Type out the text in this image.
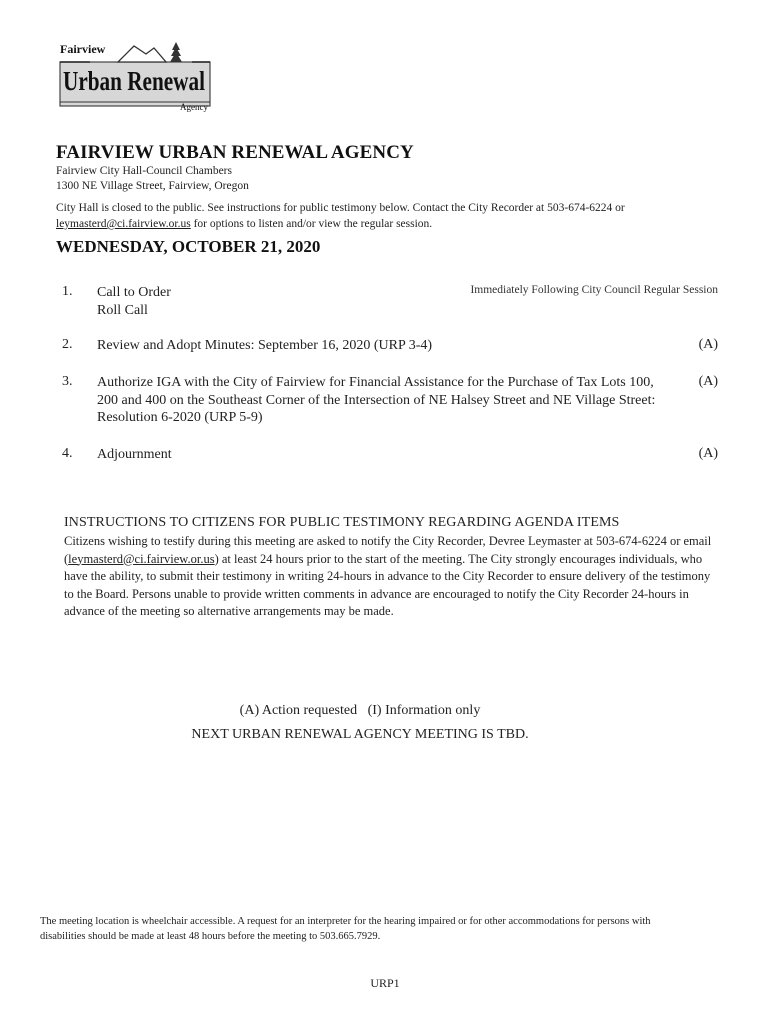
Fairview
Urban Renewal
Agency
FAIRVIEW URBAN RENEWAL AGENCY
Fairview City Hall-Council Chambers
1300 NE Village Street, Fairview, Oregon
City Hall is closed to the public. See instructions for public testimony below. Contact the City Recorder at 503-674-6224 or leymasterd@ci.fairview.or.us for options to listen and/or view the regular session.
WEDNESDAY, OCTOBER 21, 2020
Immediately Following City Council Regular Session
1. Call to Order
Roll Call
2. Review and Adopt Minutes: September 16, 2020 (URP 3-4)	(A)
3. Authorize IGA with the City of Fairview for Financial Assistance for the Purchase of Tax Lots 100, 200 and 400 on the Southeast Corner of the Intersection of NE Halsey Street and NE Village Street: Resolution 6-2020 (URP 5-9)
(A)
4. Adjournment	(A)
INSTRUCTIONS TO CITIZENS FOR PUBLIC TESTIMONY REGARDING AGENDA ITEMS
Citizens wishing to testify during this meeting are asked to notify the City Recorder, Devree Leymaster at 503-674-6224 or email (leymasterd@ci.fairview.or.us) at least 24 hours prior to the start of the meeting. The City strongly encourages individuals, who have the ability, to submit their testimony in writing 24-hours in advance to the City Recorder to ensure delivery of the testimony to the Board. Persons unable to provide written comments in advance are encouraged to notify the City Recorder 24-hours in advance of the meeting so alternative arrangements may be made.
(A) Action requested   (I) Information only
NEXT URBAN RENEWAL AGENCY MEETING IS TBD.
The meeting location is wheelchair accessible. A request for an interpreter for the hearing impaired or for other accommodations for persons with disabilities should be made at least 48 hours before the meeting to 503.665.7929.
URP1
